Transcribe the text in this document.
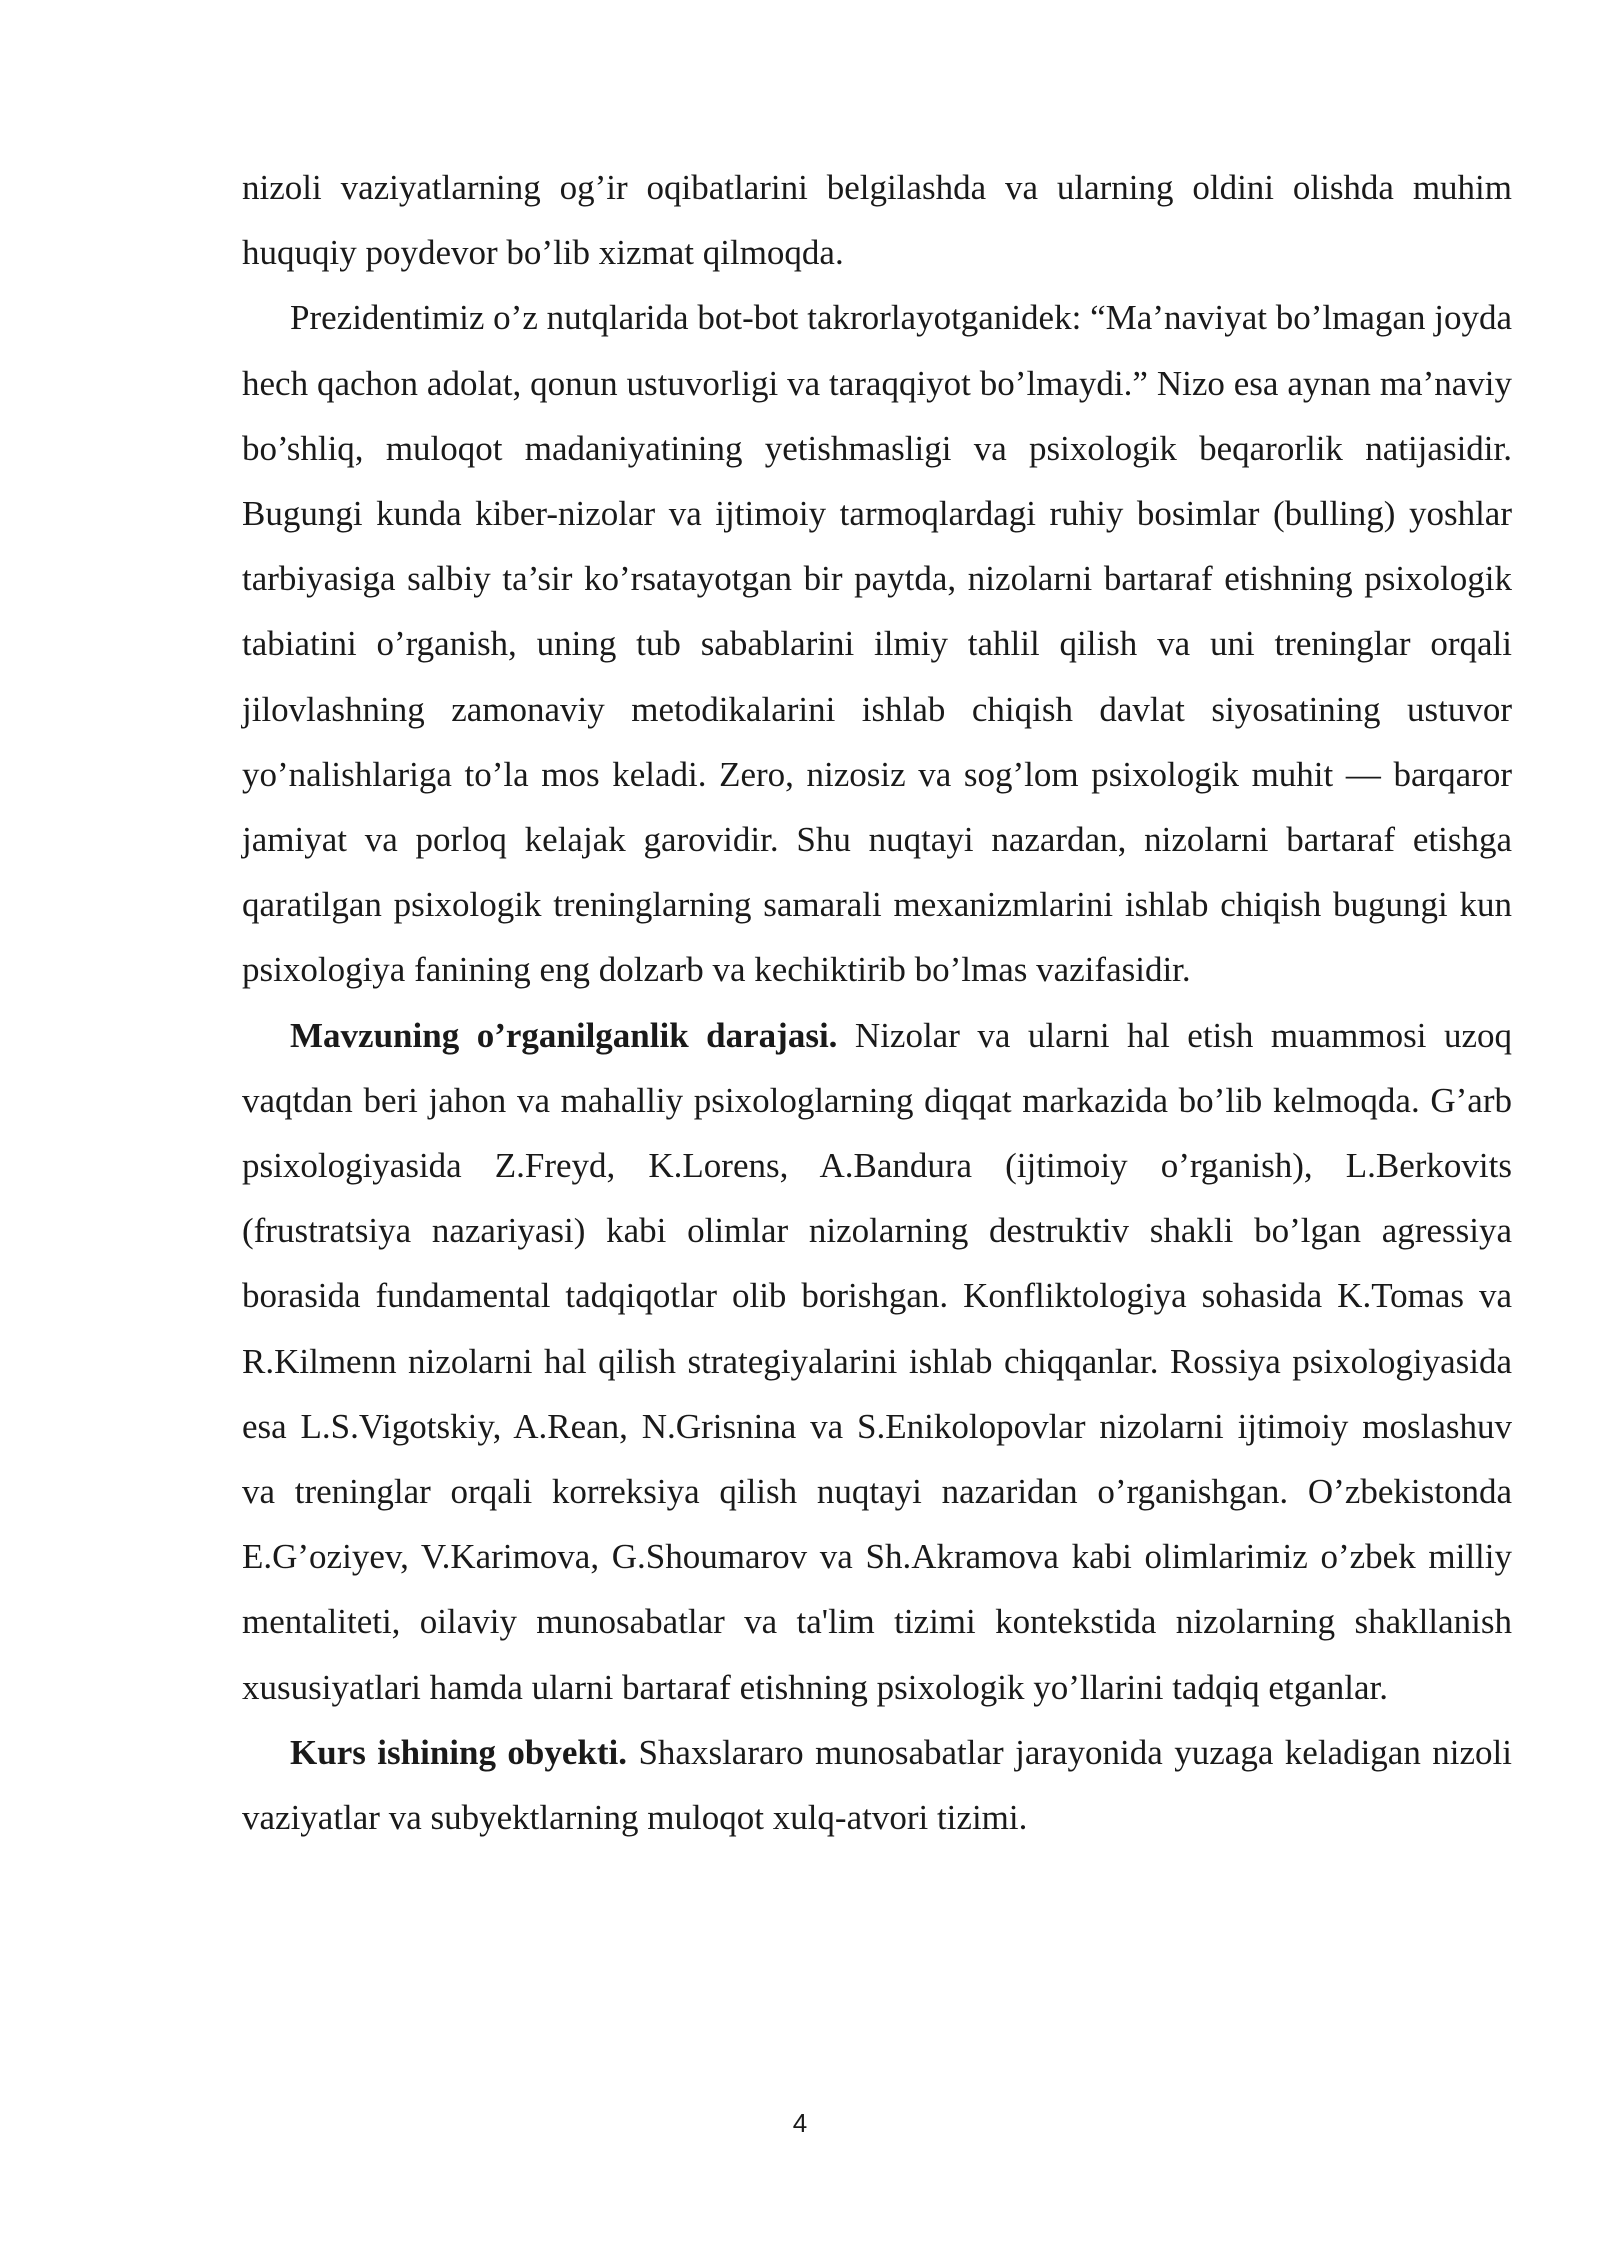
nizoli vaziyatlarning og’ir oqibatlarini belgilashda va ularning oldini olishda muhim huquqiy poydevor bo’lib xizmat qilmoqda.

Prezidentimiz o’z nutqlarida bot-bot takrorlayotganidek: “Ma’naviyat bo’lmagan joyda hech qachon adolat, qonun ustuvorligi va taraqqiyot bo’lmaydi.” Nizo esa aynan ma’naviy bo’shliq, muloqot madaniyatining yetishmasligi va psixologik beqarorlik natijasidir. Bugungi kunda kiber-nizolar va ijtimoiy tarmoqlardagi ruhiy bosimlar (bulling) yoshlar tarbiyasiga salbiy ta’sir ko’rsatayotgan bir paytda, nizolarni bartaraf etishning psixologik tabiatini o’rganish, uning tub sabablarini ilmiy tahlil qilish va uni treninglar orqali jilovlashning zamonaviy metodikalarini ishlab chiqish davlat siyosatining ustuvor yo’nalishlariga to’la mos keladi. Zero, nizosiz va sog’lom psixologik muhit — barqaror jamiyat va porloq kelajak garovidir. Shu nuqtayi nazardan, nizolarni bartaraf etishga qaratilgan psixologik treninglarning samarali mexanizmlarini ishlab chiqish bugungi kun psixologiya fanining eng dolzarb va kechiktirib bo’lmas vazifasidir.

Mavzuning o’rganilganlik darajasi. Nizolar va ularni hal etish muammosi uzoq vaqtdan beri jahon va mahalliy psixologlarning diqqat markazida bo’lib kelmoqda. G’arb psixologiyasida Z.Freyd, K.Lorens, A.Bandura (ijtimoiy o’rganish), L.Berkovits (frustratsiya nazariyasi) kabi olimlar nizolarning destruktiv shakli bo’lgan agressiya borasida fundamental tadqiqotlar olib borishgan. Konfliktologiya sohasida K.Tomas va R.Kilmenn nizolarni hal qilish strategiyalarini ishlab chiqqanlar. Rossiya psixologiyasida esa L.S.Vigotskiy, A.Rean, N.Grisnina va S.Enikolopovlar nizolarni ijtimoiy moslashuv va treninglar orqali korreksiya qilish nuqtayi nazaridan o’rganishgan. O’zbekistonda E.G’oziyev, V.Karimova, G.Shoumarov va Sh.Akramova kabi olimlarimiz o’zbek milliy mentaliteti, oilaviy munosabatlar va ta'lim tizimi kontekstida nizolarning shakllanish xususiyatlari hamda ularni bartaraf etishning psixologik yo’llarini tadqiq etganlar.

Kurs ishining obyekti. Shaxslararo munosabatlar jarayonida yuzaga keladigan nizoli vaziyatlar va subyektlarning muloqot xulq-atvori tizimi.

4
